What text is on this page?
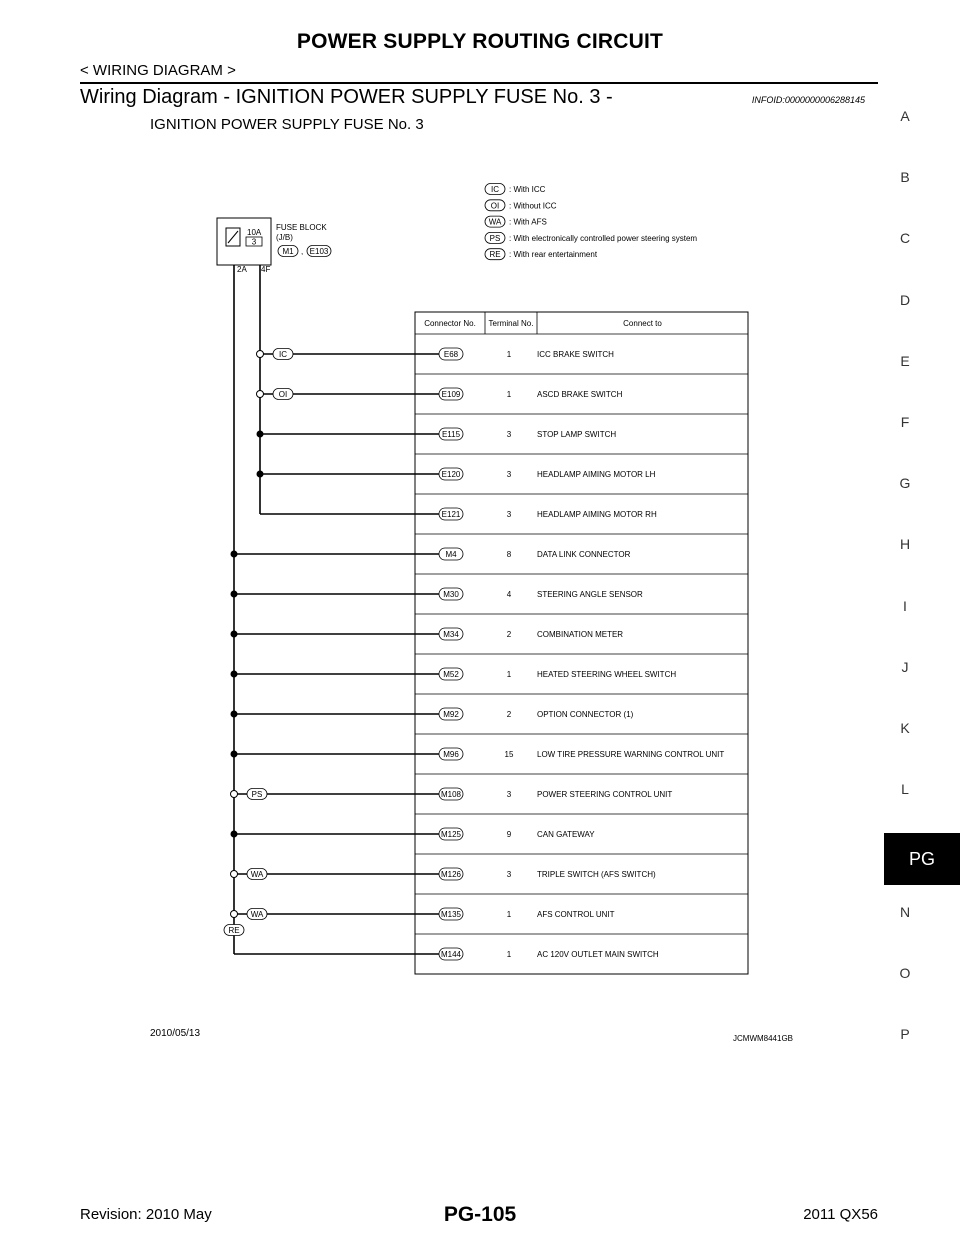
POWER SUPPLY ROUTING CIRCUIT
< WIRING DIAGRAM >
Wiring Diagram - IGNITION POWER SUPPLY FUSE No. 3 -	INFOID:0000000006288145
IGNITION POWER SUPPLY FUSE No. 3
IC : With ICC
OI : Without ICC
WA : With AFS
PS : With electronically controlled power steering system
RE : With rear entertainment
10A
3
FUSE BLOCK
(J/B)
M1 , E103
2A 4F
Connector No. Terminal No.	Connect to
E68	1	ICC BRAKE SWITCH
E109	1	ASCD BRAKE SWITCH
E115	3	STOP LAMP SWITCH
E120	3	HEADLAMP AIMING MOTOR LH
E121	3	HEADLAMP AIMING MOTOR RH
M4	8	DATA LINK CONNECTOR
M30	4	STEERING ANGLE SENSOR
M34	2	COMBINATION METER
M52	1	HEATED STEERING WHEEL SWITCH
M92	2	OPTION CONNECTOR (1)
M96	15	LOW TIRE PRESSURE WARNING CONTROL UNIT
M108	3	POWER STEERING CONTROL UNIT
M125	9	CAN GATEWAY
M126	3	TRIPLE SWITCH (AFS SWITCH)
M135	1	AFS CONTROL UNIT
M144	1	AC 120V OUTLET MAIN SWITCH
IC
OI
PS
WA
WA
RE
A
B
C
D
E
F
G
H
I
J
K
L
PG
N
O
P
2010/05/13	JCMWM8441GB
Revision: 2010 May	PG-105	2011 QX56
